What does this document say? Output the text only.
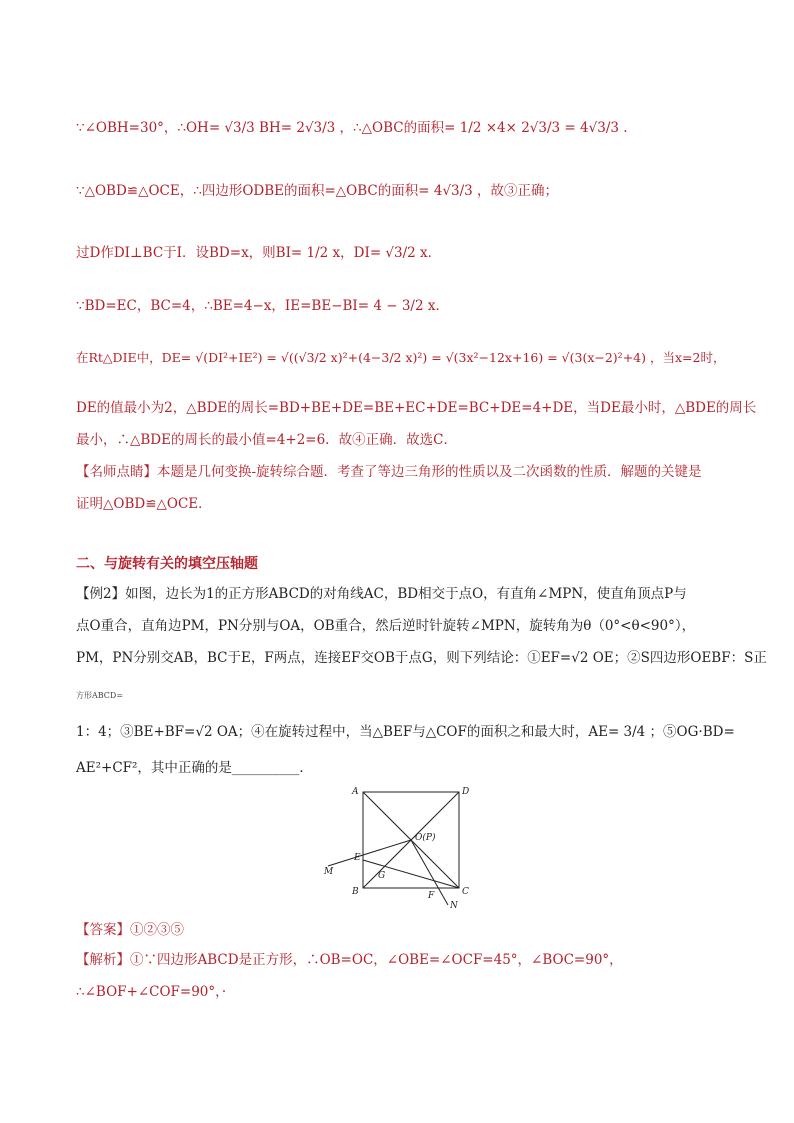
∵∠OBH=30°，∴OH= √3/3 BH= 2√3/3 ，∴△OBC的面积= 1/2 ×4× 2√3/3 = 4√3/3 .
∵△OBD≌△OCE，∴四边形ODBE的面积=△OBC的面积= 4√3/3 ，故③正确；
过D作DI⊥BC于I．设BD=x，则BI= 1/2 x，DI= √3/2 x．
∵BD=EC，BC=4，∴BE=4−x，IE=BE−BI= 4 − 3/2 x．
在Rt△DIE中，DE= √(DI²+IE²) = √((√3/2 x)²+(4−3/2 x)²) = √(3x²−12x+16) = √(3(x−2)²+4) ，当x=2时，
DE的值最小为2，△BDE的周长=BD+BE+DE=BE+EC+DE=BC+DE=4+DE，当DE最小时，△BDE的周长
最小，∴△BDE的周长的最小值=4+2=6．故④正确．故选C．
【名师点睛】本题是几何变换-旋转综合题．考查了等边三角形的性质以及二次函数的性质．解题的关键是
证明△OBD≌△OCE．
二、与旋转有关的填空压轴题
【例2】如图，边长为1的正方形ABCD的对角线AC，BD相交于点O，有直角∠MPN，使直角顶点P与
点O重合，直角边PM，PN分别与OA，OB重合，然后逆时针旋转∠MPN，旋转角为θ（0°<θ<90°），
PM，PN分别交AB，BC于E，F两点，连接EF交OB于点G，则下列结论：①EF=√2 OE；②S四边形OEBF：S正
方形ABCD=
1：4；③BE+BF=√2 OA；④在旋转过程中，当△BEF与△COF的面积之和最大时，AE= 3/4 ；⑤OG·BD=
AE²+CF²，其中正确的是__________．
A	D
B	C
O(P)
E
F
G
M
N
【答案】①②③⑤
【解析】①∵四边形ABCD是正方形，∴OB=OC，∠OBE=∠OCF=45°，∠BOC=90°，
∴∠BOF+∠COF=90°，·
